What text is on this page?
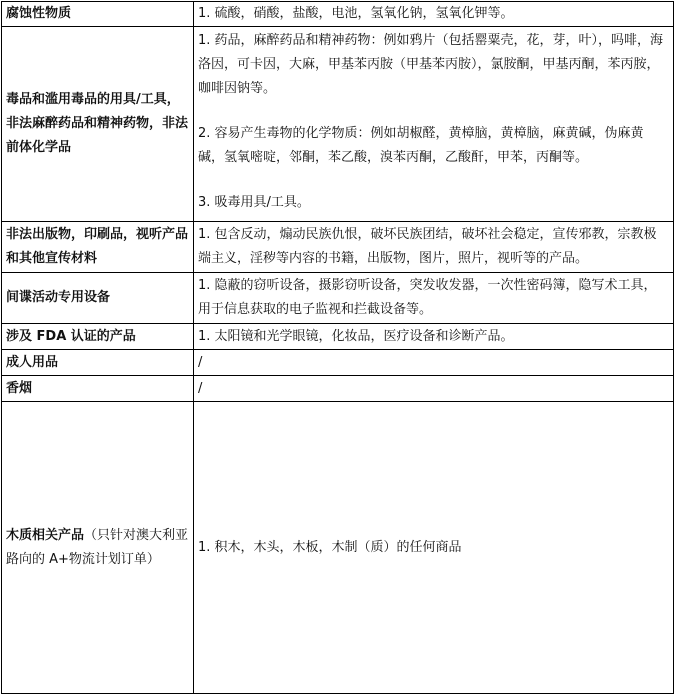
腐蚀性物质	1. 硫酸，硝酸，盐酸，电池，氢氧化钠，氢氧化钾等。

毒品和滥用毒品的用具/工具，非法麻醉药品和精神药物，非法前体化学品	1. 药品，麻醉药品和精神药物：例如鸦片（包括罂粟壳，花，芽，叶），吗啡，海洛因，可卡因，大麻，甲基苯丙胺（甲基苯丙胺），氯胺酮，甲基丙酮，苯丙胺，咖啡因钠等。
2. 容易产生毒物的化学物质：例如胡椒醛，黄樟脑，黄樟脑，麻黄碱，伪麻黄碱，氢氧嘧啶，邻酮，苯乙酸，溴苯丙酮，乙酸酐，甲苯，丙酮等。
3. 吸毒用具/工具。

非法出版物，印刷品，视听产品和其他宣传材料	1. 包含反动，煽动民族仇恨，破坏民族团结，破坏社会稳定，宣传邪教，宗教极端主义，淫秽等内容的书籍，出版物，图片，照片，视听等的产品。

间谍活动专用设备	1. 隐蔽的窃听设备，摄影窃听设备，突发收发器，一次性密码簿，隐写术工具，用于信息获取的电子监视和拦截设备等。

涉及 FDA 认证的产品	1. 太阳镜和光学眼镜，化妆品，医疗设备和诊断产品。

成人用品	/

香烟	/

木质相关产品（只针对澳大利亚路向的 A+物流计划订单）	1. 积木，木头，木板，木制（质）的任何商品
